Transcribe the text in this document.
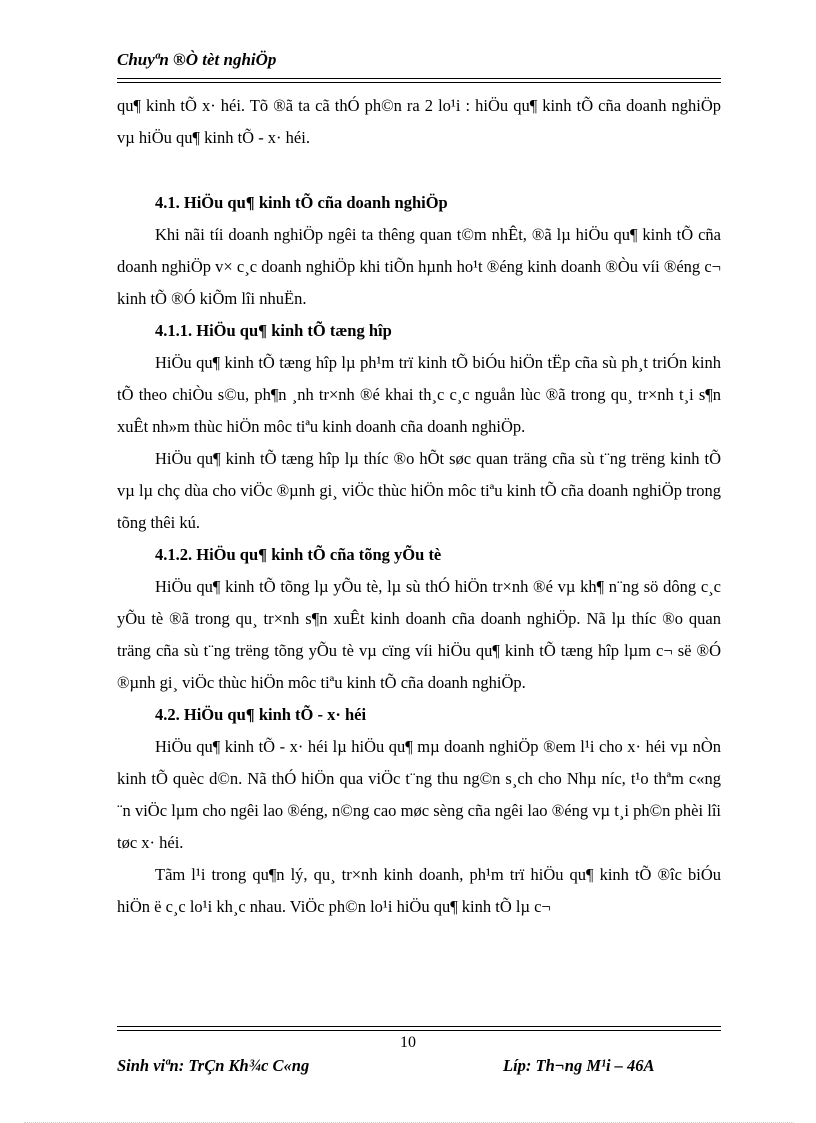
Chuyªn ®Ò tèt nghiÖp

qu¶ kinh tÕ x· héi. Tõ ®ã ta cã thÓ ph©n ra 2 lo¹i : hiÖu qu¶ kinh tÕ cña doanh nghiÖp vµ hiÖu qu¶ kinh tÕ - x· héi.

4.1. HiÖu qu¶ kinh tÕ cña doanh nghiÖp

Khi nãi tíi doanh nghiÖp ngêi ta thêng quan t©m nhÊt, ®ã lµ hiÖu qu¶ kinh tÕ cña doanh nghiÖp v× c¸c doanh nghiÖp khi tiÕn hµnh ho¹t ®éng kinh doanh ®Òu víi ®éng c¬ kinh tÕ ®Ó kiÕm lîi nhuËn.

4.1.1. HiÖu qu¶ kinh tÕ tæng hîp

HiÖu qu¶ kinh tÕ tæng hîp lµ ph¹m trï kinh tÕ biÓu hiÖn tËp cña sù ph¸t triÓn kinh tÕ theo chiÒu s©u, ph¶n ¸nh tr×nh ®é khai th¸c c¸c nguån lùc ®ã trong qu¸ tr×nh t¸i s¶n xuÊt nh»m thùc hiÖn môc tiªu kinh doanh cña doanh nghiÖp.

HiÖu qu¶ kinh tÕ tæng hîp lµ thíc ®o hÕt søc quan träng cña sù t¨ng trëng kinh tÕ vµ lµ chç dùa cho viÖc ®µnh gi¸ viÖc thùc hiÖn môc tiªu kinh tÕ cña doanh nghiÖp trong tõng thêi kú.

4.1.2. HiÖu qu¶ kinh tÕ cña tõng yÕu tè

HiÖu qu¶ kinh tÕ tõng lµ yÕu tè, lµ sù thÓ hiÖn tr×nh ®é vµ kh¶ n¨ng sö dông c¸c yÕu tè ®ã trong qu¸ tr×nh s¶n xuÊt kinh doanh cña doanh nghiÖp. Nã lµ thíc ®o quan träng cña sù t¨ng trëng tõng yÕu tè vµ cïng víi hiÖu qu¶ kinh tÕ tæng hîp lµm c¬ së ®Ó ®µnh gi¸ viÖc thùc hiÖn môc tiªu kinh tÕ cña doanh nghiÖp.

4.2. HiÖu qu¶ kinh tÕ - x· héi

HiÖu qu¶ kinh tÕ - x· héi lµ hiÖu qu¶ mµ doanh nghiÖp ®em l¹i cho x· héi vµ nÒn kinh tÕ quèc d©n. Nã thÓ hiÖn qua viÖc t¨ng thu ng©n s¸ch cho Nhµ níc, t¹o thªm c«ng ¨n viÖc lµm cho ngêi lao ®éng, n©ng cao møc sèng cña ngêi lao ®éng vµ t¸i ph©n phèi lîi tøc x· héi.

Tãm l¹i trong qu¶n lý, qu¸ tr×nh kinh doanh, ph¹m trï hiÖu qu¶ kinh tÕ ®îc biÓu hiÖn ë c¸c lo¹i kh¸c nhau. ViÖc ph©n lo¹i hiÖu qu¶ kinh tÕ lµ c¬

10
Sinh viªn: TrÇn Kh¾c C«ng	Líp: Th¬ng M¹i – 46A
